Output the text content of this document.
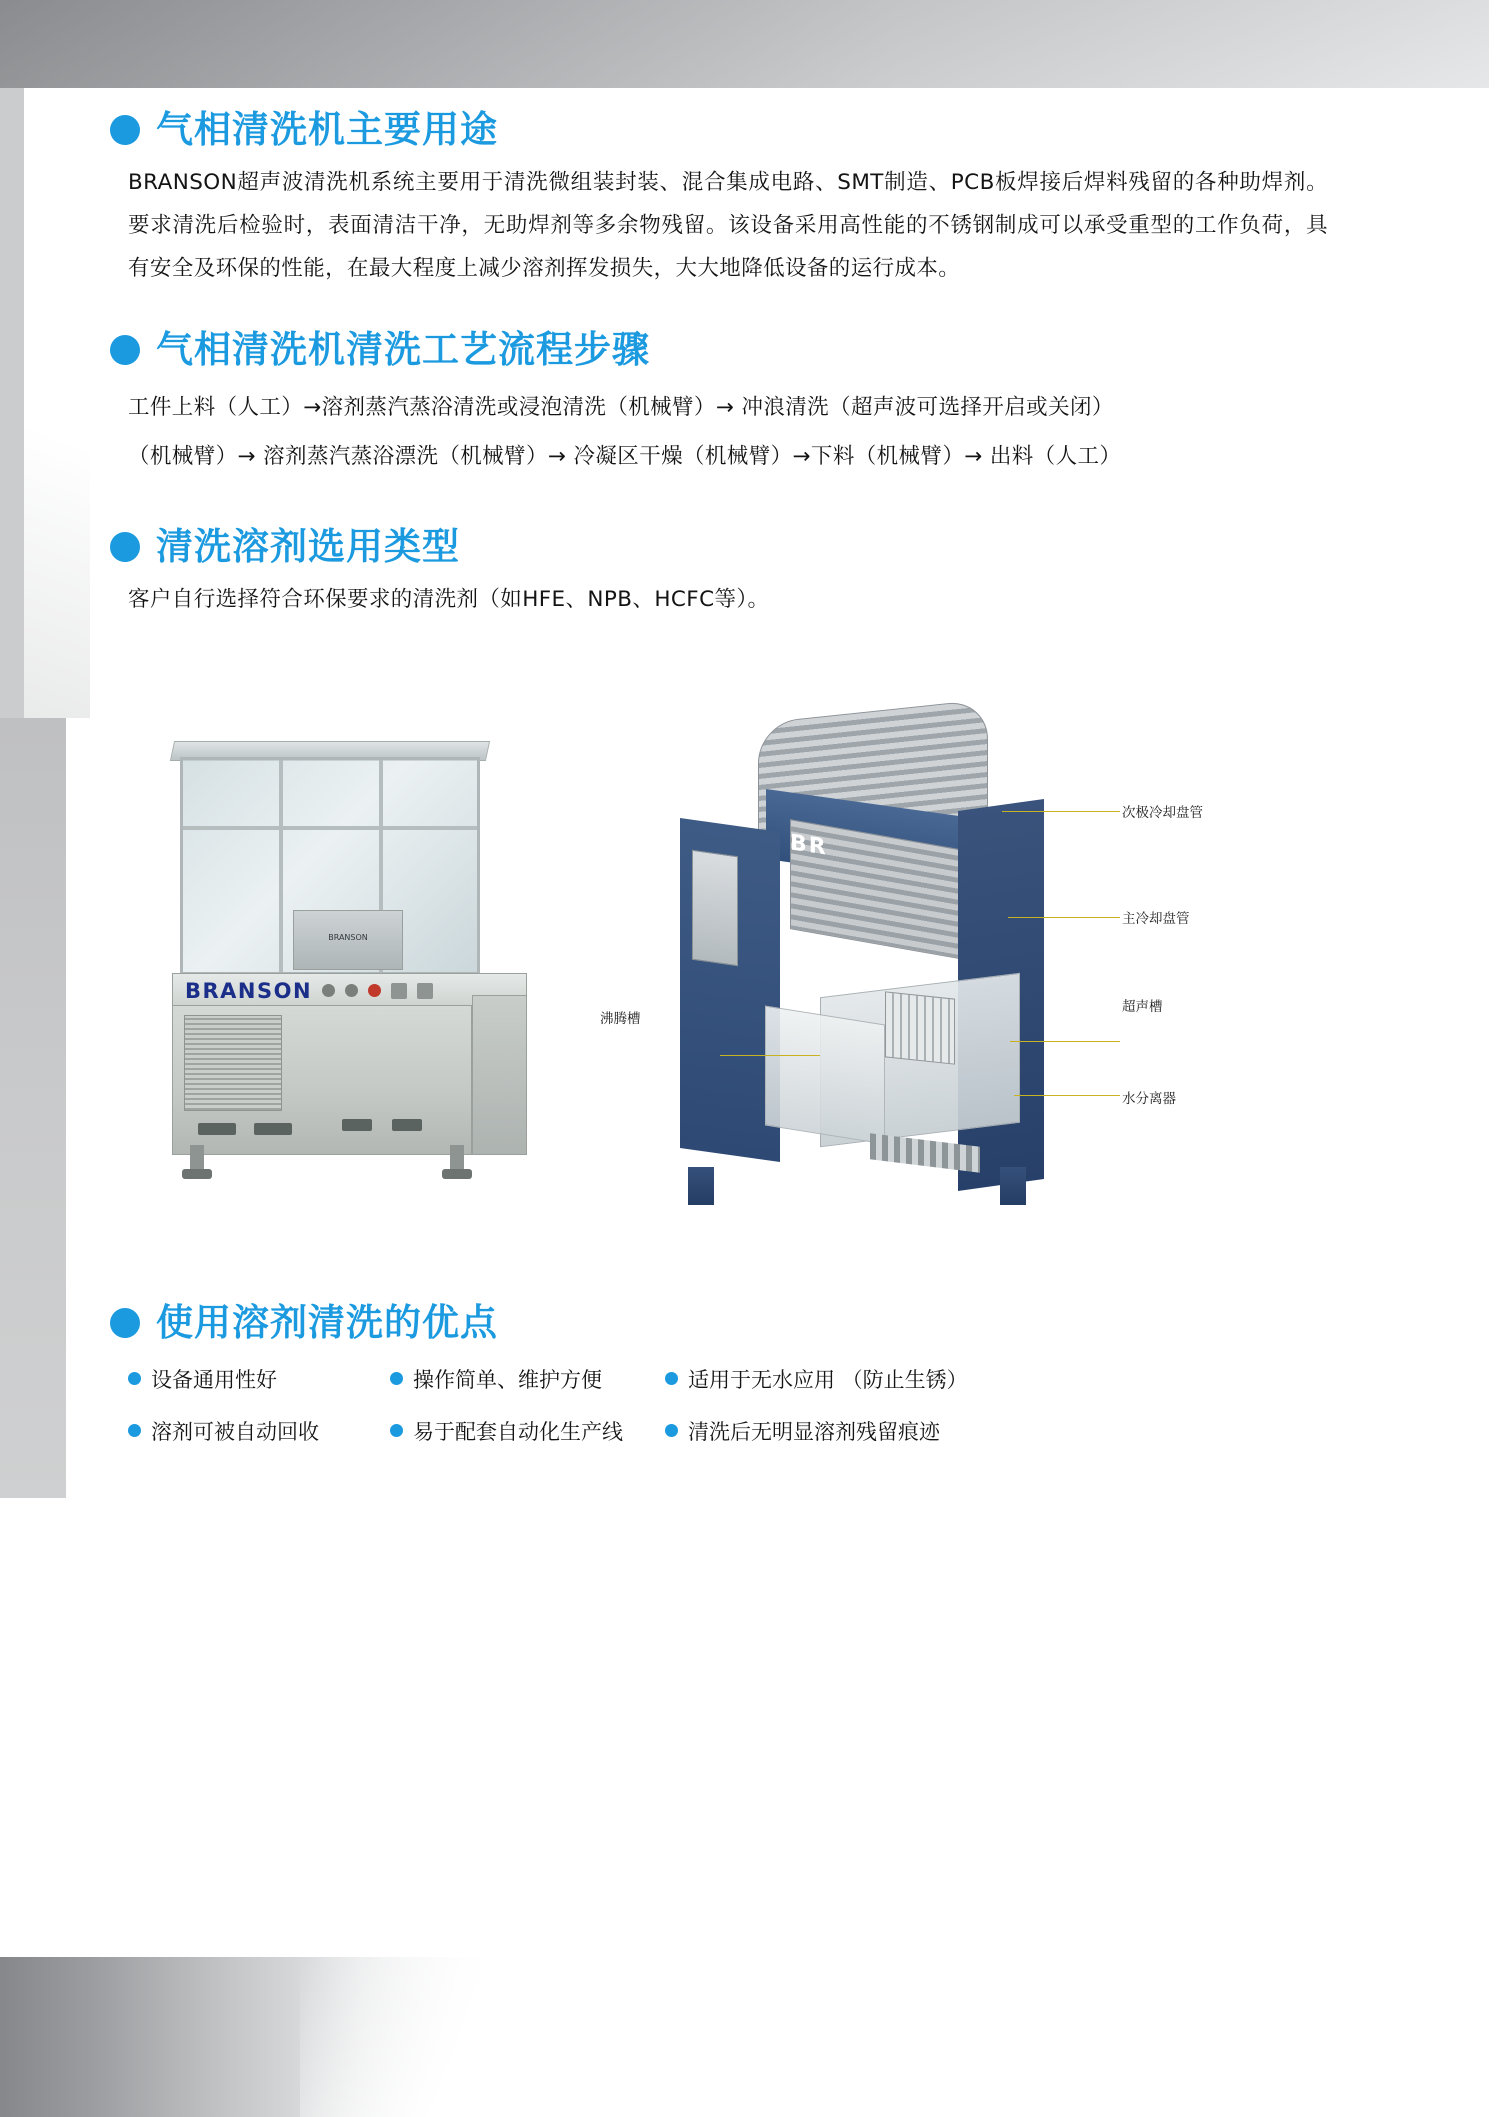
气相清洗机主要用途
BRANSON超声波清洗机系统主要用于清洗微组装封装、混合集成电路、SMT制造、PCB板焊接后焊料残留的各种助焊剂。要求清洗后检验时，表面清洁干净，无助焊剂等多余物残留。该设备采用高性能的不锈钢制成可以承受重型的工作负荷，具有安全及环保的性能，在最大程度上减少溶剂挥发损失，大大地降低设备的运行成本。
气相清洗机清洗工艺流程步骤
工件上料（人工）→溶剂蒸汽蒸浴清洗或浸泡清洗（机械臂）→ 冲浪清洗（超声波可选择开启或关闭）
（机械臂）→ 溶剂蒸汽蒸浴漂洗（机械臂）→ 冷凝区干燥（机械臂）→下料（机械臂）→ 出料（人工）
清洗溶剂选用类型
客户自行选择符合环保要求的清洗剂（如HFE、NPB、HCFC等）。
BRANSON
BRANSON
BR
次极冷却盘管
主冷却盘管
超声槽
水分离器
沸腾槽
使用溶剂清洗的优点
设备通用性好	操作简单、维护方便	适用于无水应用 （防止生锈）
溶剂可被自动回收	易于配套自动化生产线	清洗后无明显溶剂残留痕迹
